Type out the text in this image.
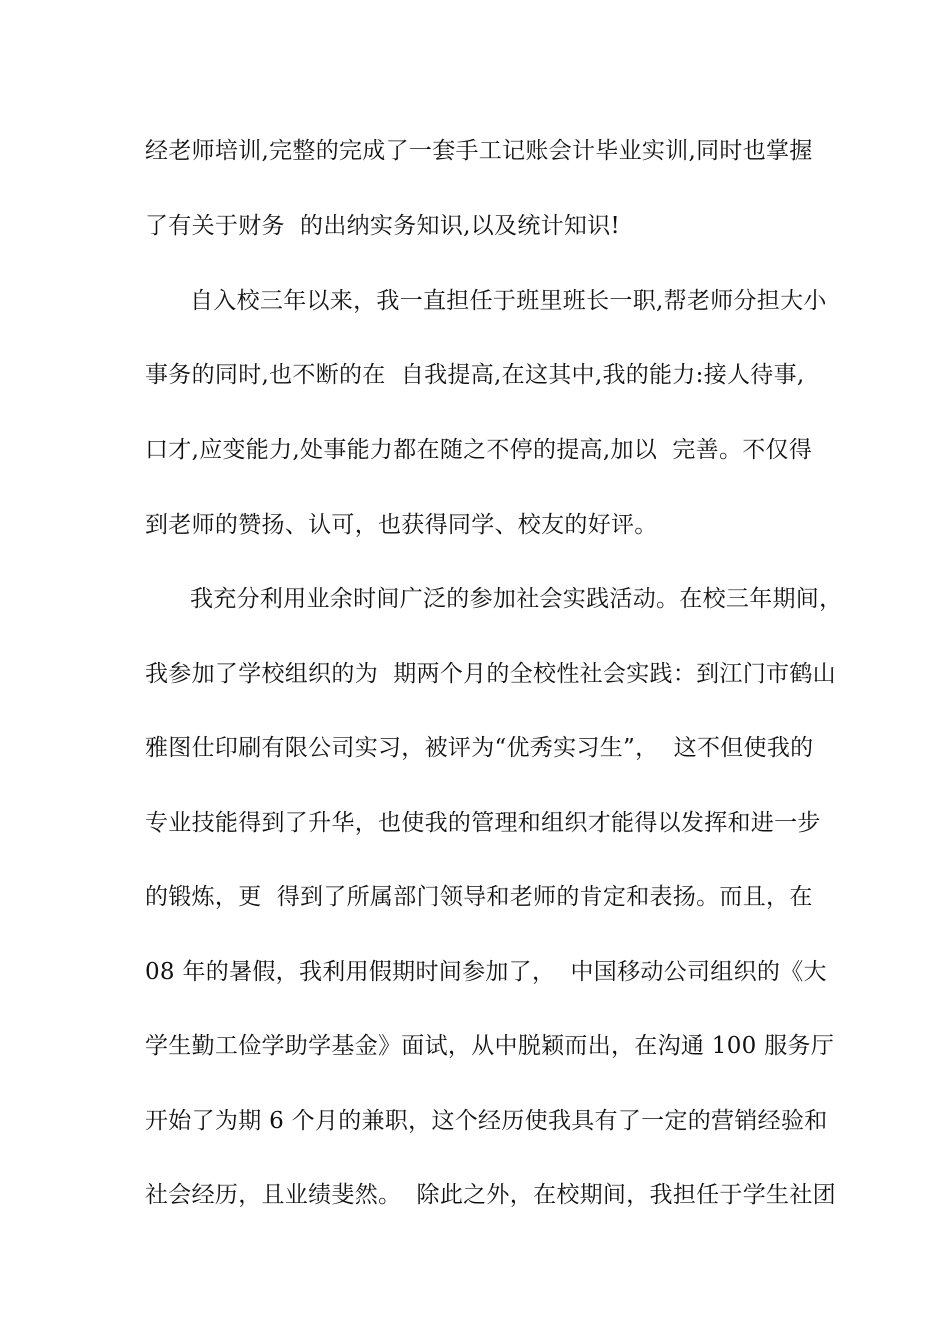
经老师培训,完整的完成了一套手工记账会计毕业实训,同时也掌握
了有关于财务  的出纳实务知识,以及统计知识!
自入校三年以来，我一直担任于班里班长一职,帮老师分担大小
事务的同时,也不断的在  自我提高,在这其中,我的能力:接人待事,
口才,应变能力,处事能力都在随之不停的提高,加以  完善。不仅得
到老师的赞扬、认可，也获得同学、校友的好评。
我充分利用业余时间广泛的参加社会实践活动。在校三年期间，
我参加了学校组织的为  期两个月的全校性社会实践：到江门市鹤山
雅图仕印刷有限公司实习，被评为“优秀实习生”，  这不但使我的
专业技能得到了升华，也使我的管理和组织才能得以发挥和进一步
的锻炼，更  得到了所属部门领导和老师的肯定和表扬。而且，在
08 年的暑假，我利用假期时间参加了，  中国移动公司组织的《大
学生勤工俭学助学基金》面试，从中脱颖而出，在沟通 100 服务厅
开始了为期 6 个月的兼职，这个经历使我具有了一定的营销经验和
社会经历，且业绩斐然。  除此之外，在校期间，我担任于学生社团
